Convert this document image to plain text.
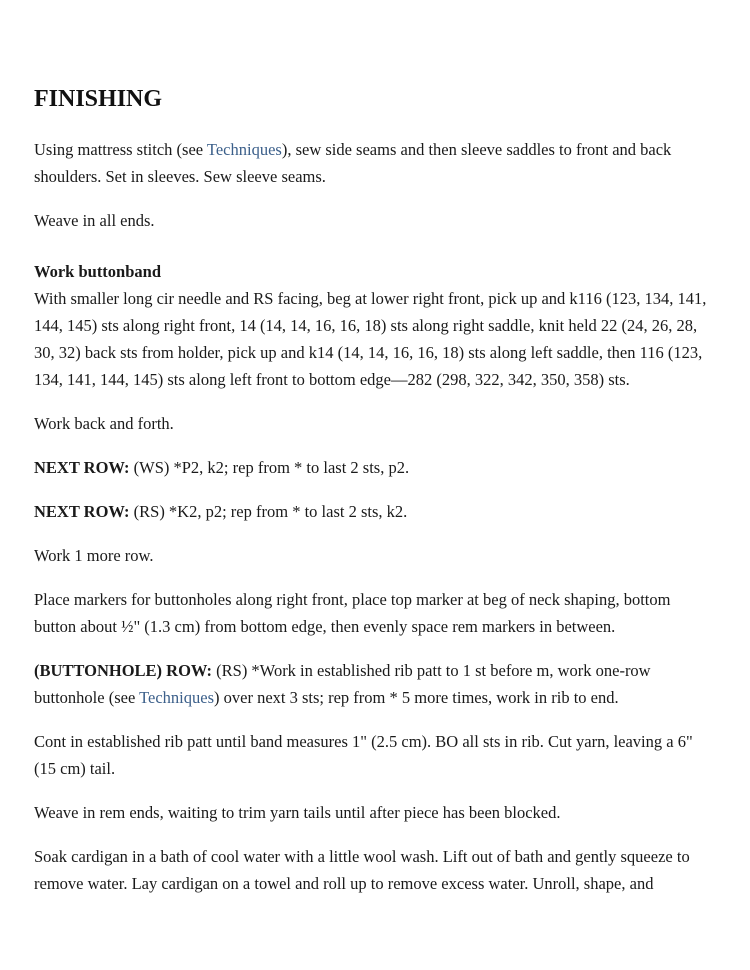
FINISHING

Using mattress stitch (see Techniques), sew side seams and then sleeve saddles to front and back shoulders. Set in sleeves. Sew sleeve seams.

Weave in all ends.

Work buttonband
With smaller long cir needle and RS facing, beg at lower right front, pick up and k116 (123, 134, 141, 144, 145) sts along right front, 14 (14, 14, 16, 16, 18) sts along right saddle, knit held 22 (24, 26, 28, 30, 32) back sts from holder, pick up and k14 (14, 14, 16, 16, 18) sts along left saddle, then 116 (123, 134, 141, 144, 145) sts along left front to bottom edge—282 (298, 322, 342, 350, 358) sts.

Work back and forth.

NEXT ROW: (WS) *P2, k2; rep from * to last 2 sts, p2.

NEXT ROW: (RS) *K2, p2; rep from * to last 2 sts, k2.

Work 1 more row.

Place markers for buttonholes along right front, place top marker at beg of neck shaping, bottom button about ½" (1.3 cm) from bottom edge, then evenly space rem markers in between.

(BUTTONHOLE) ROW: (RS) *Work in established rib patt to 1 st before m, work one-row buttonhole (see Techniques) over next 3 sts; rep from * 5 more times, work in rib to end.

Cont in established rib patt until band measures 1" (2.5 cm). BO all sts in rib. Cut yarn, leaving a 6" (15 cm) tail.

Weave in rem ends, waiting to trim yarn tails until after piece has been blocked.

Soak cardigan in a bath of cool water with a little wool wash. Lift out of bath and gently squeeze to remove water. Lay cardigan on a towel and roll up to remove excess water. Unroll, shape, and
